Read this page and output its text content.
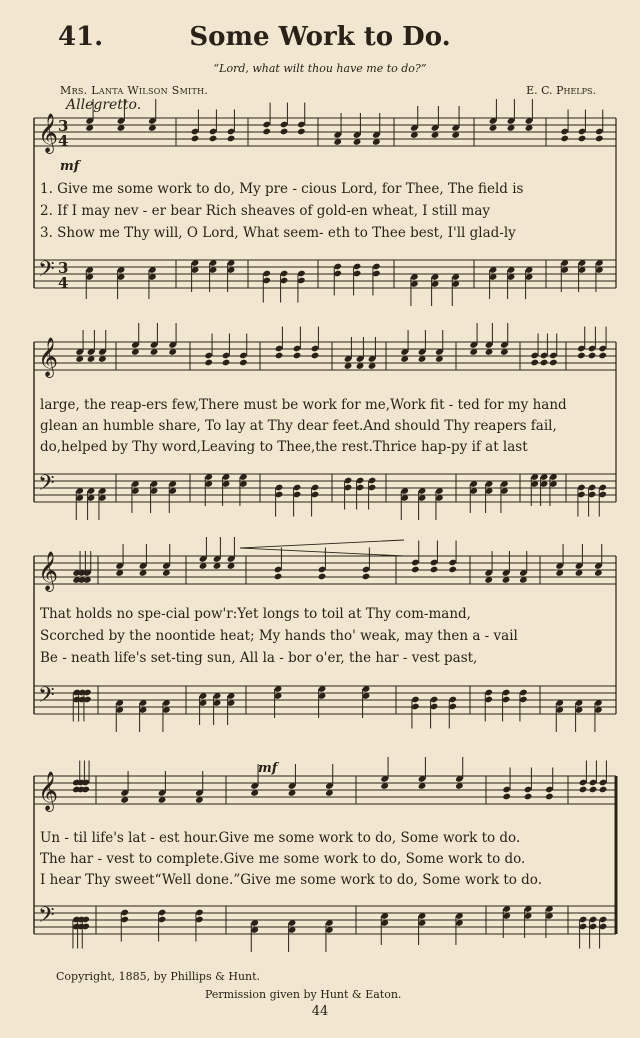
𝄞
𝄢
𝄞
𝄢
𝄞
𝄢
𝄞
𝄢
3
4
3
4
mf
mf
41.	Some Work to Do.
“Lord, what wilt thou have me to do?”
Mrs. Lanta Wilson Smith.	E. C. Phelps.
Allegretto.
1. Give me some work to do, My pre - cious Lord, for Thee, The field is
2. If I may nev - er bear Rich sheaves of gold-en wheat, I still may
3. Show me Thy will, O Lord, What seem- eth to Thee best, I'll glad-ly
large, the reap-ers few,There must be work for me,Work fit - ted for my hand
glean an humble share, To lay at Thy dear feet.And should Thy reapers fail,
do,helped by Thy word,Leaving to Thee,the rest.Thrice hap-py if at last
That holds no spe-cial pow'r:Yet longs to toil at Thy com-mand,
Scorched by the noontide heat; My hands tho' weak, may then a - vail
Be - neath life's set-ting sun, All la - bor o'er, the har - vest past,
Un - til life's lat - est hour.Give me some work to do, Some work to do.
The har - vest to complete.Give me some work to do, Some work to do.
I hear Thy sweet“Well done.”Give me some work to do, Some work to do.
Copyright, 1885, by Phillips & Hunt.
Permission given by Hunt & Eaton.
44
